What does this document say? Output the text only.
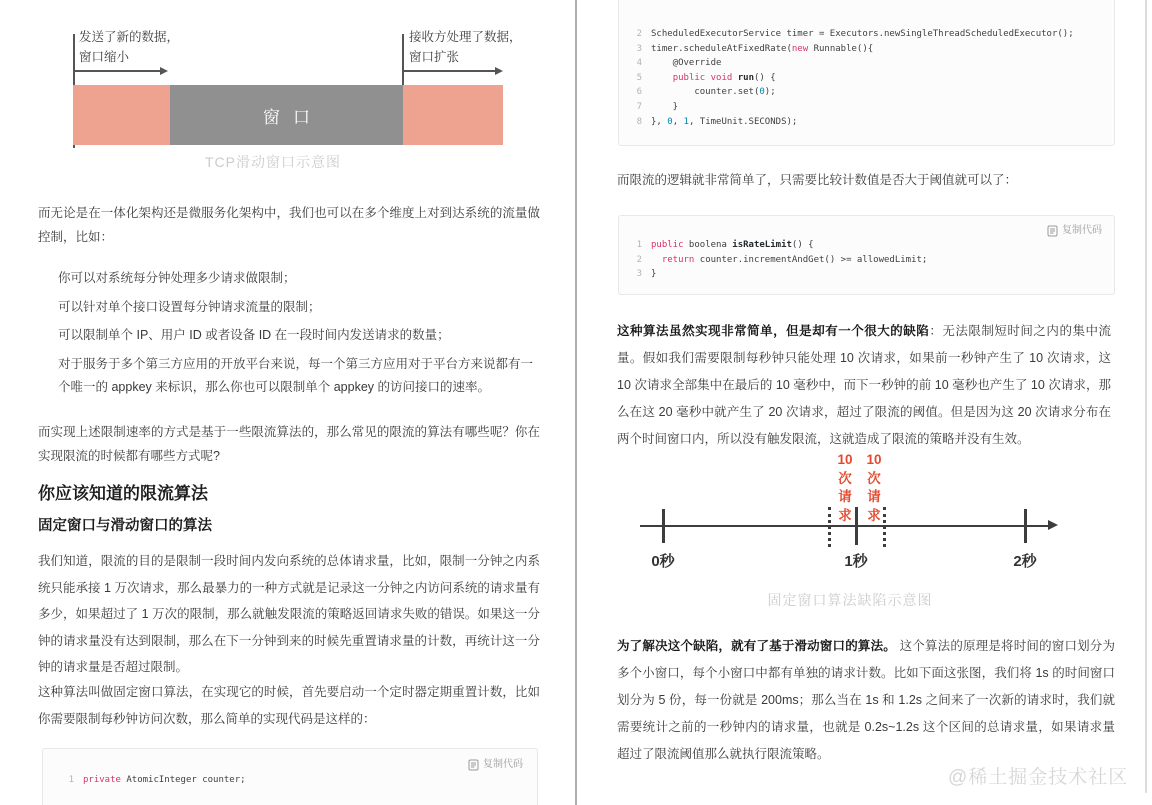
发送了新的数据，
窗口缩小
接收方处理了数据，
窗口扩张
窗口
TCP滑动窗口示意图
而无论是在一体化架构还是微服务化架构中，我们也可以在多个维度上对到达系统的流量做控制，比如：
你可以对系统每分钟处理多少请求做限制；
可以针对单个接口设置每分钟请求流量的限制；
可以限制单个 IP、用户 ID 或者设备 ID 在一段时间内发送请求的数量；
对于服务于多个第三方应用的开放平台来说，每一个第三方应用对于平台方来说都有一个唯一的 appkey 来标识，那么你也可以限制单个 appkey 的访问接口的速率。
而实现上述限制速率的方式是基于一些限流算法的，那么常见的限流的算法有哪些呢？你在实现限流的时候都有哪些方式呢?
你应该知道的限流算法
固定窗口与滑动窗口的算法
我们知道，限流的目的是限制一段时间内发向系统的总体请求量，比如，限制一分钟之内系统只能承接 1 万次请求，那么最暴力的一种方式就是记录这一分钟之内访问系统的请求量有多少，如果超过了 1 万次的限制，那么就触发限流的策略返回请求失败的错误。如果这一分钟的请求量没有达到限制，那么在下一分钟到来的时候先重置请求量的计数，再统计这一分钟的请求量是否超过限制。
这种算法叫做固定窗口算法，在实现它的时候，首先要启动一个定时器定期重置计数，比如你需要限制每秒钟访问次数，那么简单的实现代码是这样的：
复制代码
1	private AtomicInteger counter;
2	ScheduledExecutorService timer = Executors.newSingleThreadScheduledExecutor();
3	timer.scheduleAtFixedRate( new Runnable(){
4	@Override
5
	public
void
run () {
6	counter.set( 0 );
7	}
8	}, 0 , 1 , TimeUnit.SECONDS);
而限流的逻辑就非常简单了，只需要比较计数值是否大于阈值就可以了：
复制代码
1	public boolena isRateLimit () {
2
	return counter.incrementAndGet() >= allowedLimit;
3	}
这种算法虽然实现非常简单，但是却有一个很大的缺陷：无法限制短时间之内的集中流量。假如我们需要限制每秒钟只能处理 10 次请求，如果前一秒钟产生了 10 次请求，这 10 次请求全部集中在最后的 10 毫秒中，而下一秒钟的前 10 毫秒也产生了 10 次请求，那么在这 20 毫秒中就产生了 20 次请求，超过了限流的阈值。但是因为这 20 次请求分布在两个时间窗口内，所以没有触发限流，这就造成了限流的策略并没有生效。
10
次
请
求
10
次
请
求
0秒	1秒	2秒
固定窗口算法缺陷示意图
为了解决这个缺陷，就有了基于滑动窗口的算法。 这个算法的原理是将时间的窗口划分为多个小窗口，每个小窗口中都有单独的请求计数。比如下面这张图，我们将 1s 的时间窗口划分为 5 份，每一份就是 200ms；那么当在 1s 和 1.2s 之间来了一次新的请求时，我们就需要统计之前的一秒钟内的请求量，也就是 0.2s~1.2s 这个区间的总请求量，如果请求量超过了限流阈值那么就执行限流策略。
@稀土掘金技术社区
